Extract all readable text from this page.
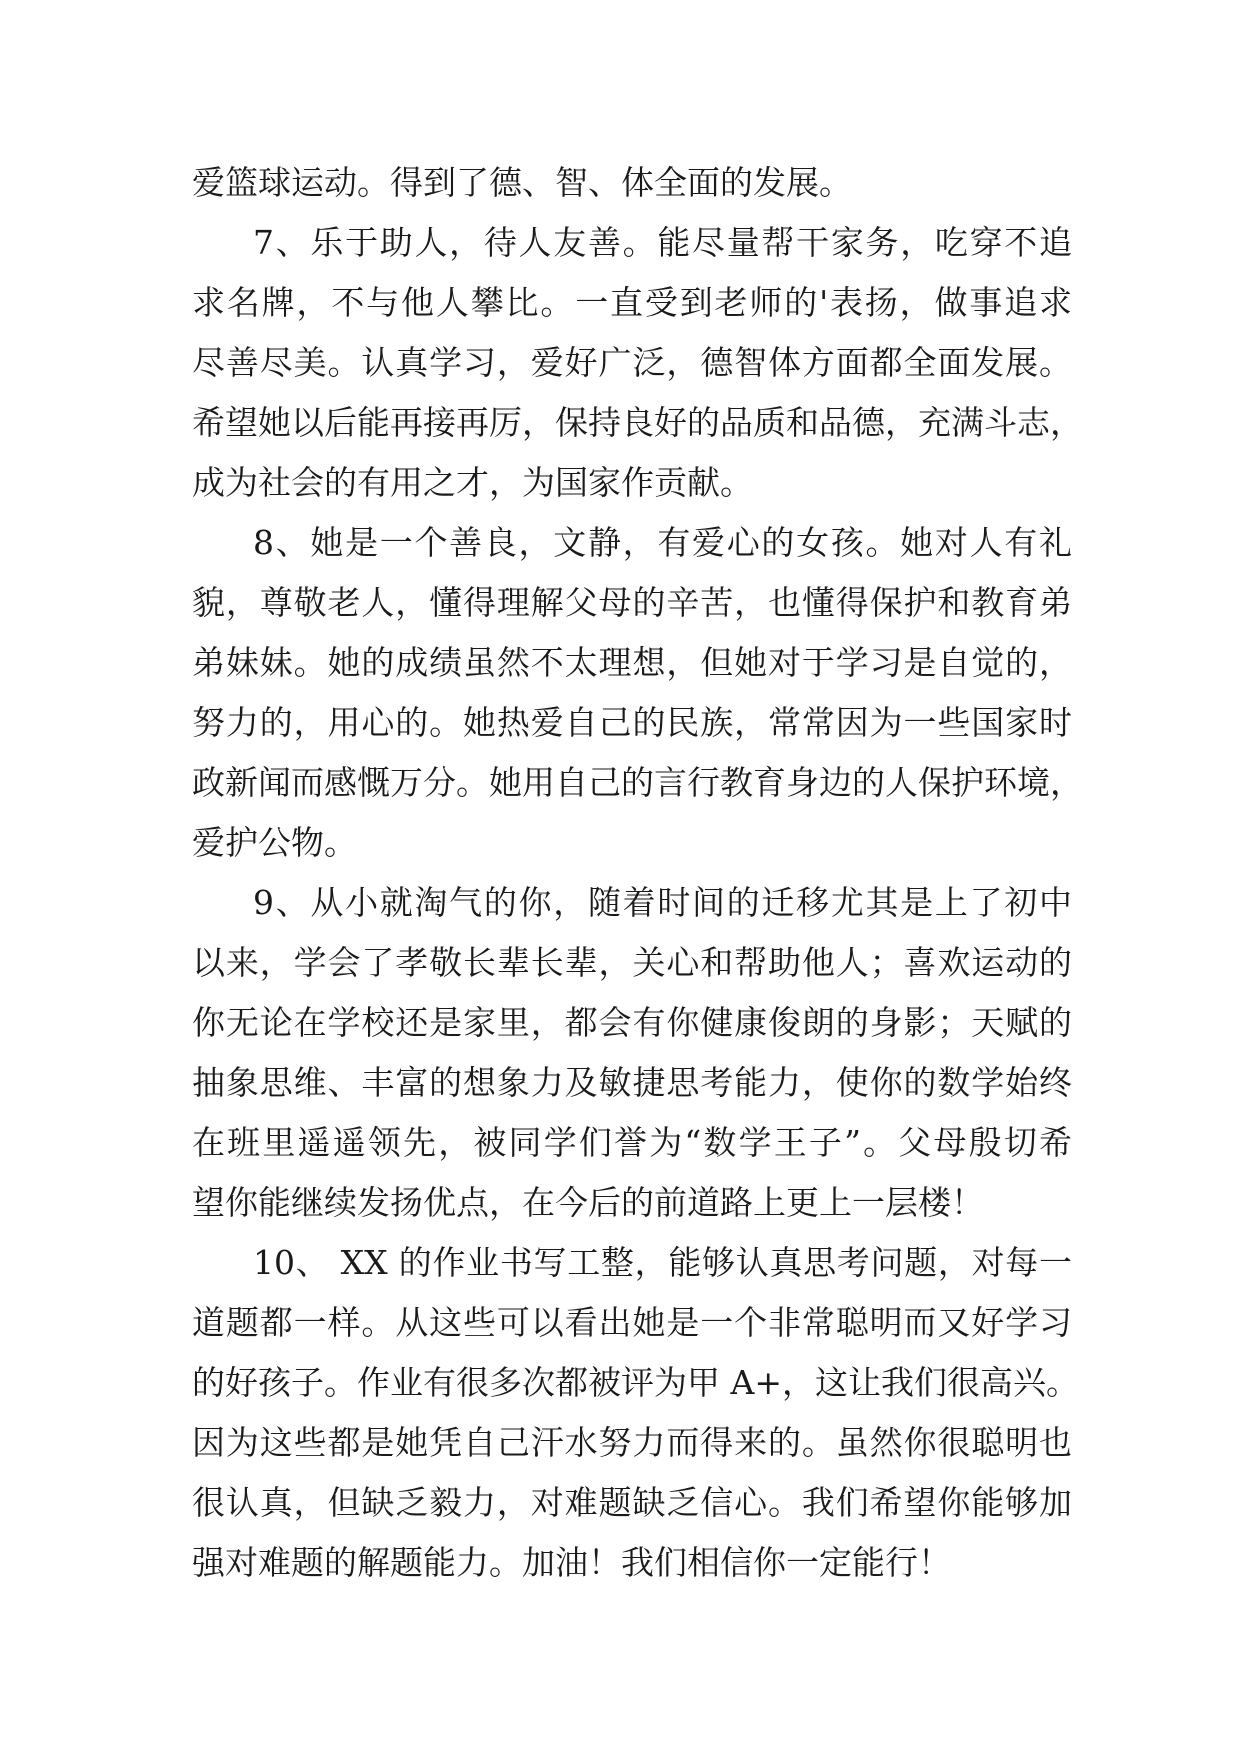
爱篮球运动。得到了德、智、体全面的发展。
7、乐于助人，待人友善。能尽量帮干家务，吃穿不追
求名牌，不与他人攀比。一直受到老师的'表扬，做事追求
尽善尽美。认真学习，爱好广泛，德智体方面都全面发展。
希望她以后能再接再厉，保持良好的品质和品德，充满斗志，
成为社会的有用之才，为国家作贡献。
8、她是一个善良，文静，有爱心的女孩。她对人有礼
貌，尊敬老人，懂得理解父母的辛苦，也懂得保护和教育弟
弟妹妹。她的成绩虽然不太理想，但她对于学习是自觉的，
努力的，用心的。她热爱自己的民族，常常因为一些国家时
政新闻而感慨万分。她用自己的言行教育身边的人保护环境，
爱护公物。
9、从小就淘气的你，随着时间的迁移尤其是上了初中
以来，学会了孝敬长辈长辈，关心和帮助他人；喜欢运动的
你无论在学校还是家里，都会有你健康俊朗的身影；天赋的
抽象思维、丰富的想象力及敏捷思考能力，使你的数学始终
在班里遥遥领先，被同学们誉为“数学王子”。父母殷切希
望你能继续发扬优点，在今后的前道路上更上一层楼！
10、 XX 的作业书写工整，能够认真思考问题，对每一
道题都一样。从这些可以看出她是一个非常聪明而又好学习
的好孩子。作业有很多次都被评为甲 A+，这让我们很高兴。
因为这些都是她凭自己汗水努力而得来的。虽然你很聪明也
很认真，但缺乏毅力，对难题缺乏信心。我们希望你能够加
强对难题的解题能力。加油！我们相信你一定能行！
